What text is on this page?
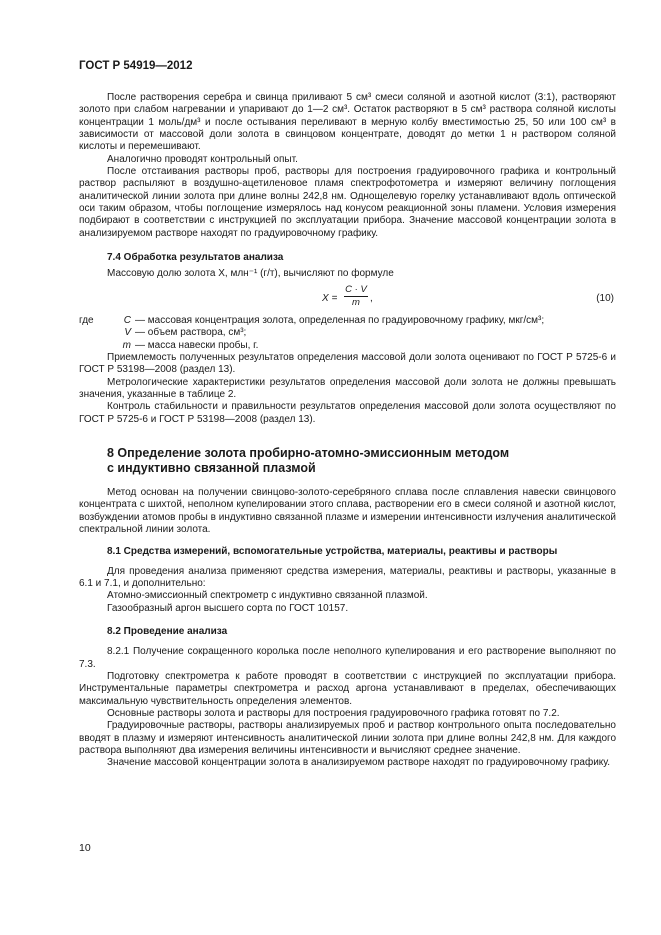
ГОСТ Р 54919—2012

После растворения серебра и свинца приливают 5 см³ смеси соляной и азотной кислот (3:1), растворяют золото при слабом нагревании и упаривают до 1—2 см³. Остаток растворяют в 5 см³ раствора соляной кислоты концентрации 1 моль/дм³ и после остывания переливают в мерную колбу вместимостью 25, 50 или 100 см³ в зависимости от массовой доли золота в свинцовом концентрате, доводят до метки 1 н раствором соляной кислоты и перемешивают.

Аналогично проводят контрольный опыт.

После отстаивания растворы проб, растворы для построения градуировочного графика и контрольный раствор распыляют в воздушно-ацетиленовое пламя спектрофотометра и измеряют величину поглощения аналитической линии золота при длине волны 242,8 нм. Однощелевую горелку устанавливают вдоль оптической оси таким образом, чтобы поглощение измерялось над конусом реакционной зоны пламени. Условия измерения подбирают в соответствии с инструкцией по эксплуатации прибора. Значение массовой концентрации золота в анализируемом растворе находят по градуировочному графику.

7.4 Обработка результатов анализа

Массовую долю золота X, млн⁻¹ (г/т), вычисляют по формуле

$X = \frac{C \cdot V}{m}$ ,	(10)
где	C — массовая концентрация золота, определенная по градуировочному графику, мкг/см³;
V — объем раствора, см³;
m — масса навески пробы, г.

Приемлемость полученных результатов определения массовой доли золота оценивают по ГОСТ Р 5725-6 и ГОСТ Р 53198—2008 (раздел 13).

Метрологические характеристики результатов определения массовой доли золота не должны превышать значения, указанные в таблице 2.

Контроль стабильности и правильности результатов определения массовой доли золота осуществляют по ГОСТ Р 5725-6 и ГОСТ Р 53198—2008 (раздел 13).

8 Определение золота пробирно-атомно-эмиссионным методом

с индуктивно связанной плазмой

Метод основан на получении свинцово-золото-серебряного сплава после сплавления навески свинцового концентрата с шихтой, неполном купелировании этого сплава, растворении его в смеси соляной и азотной кислот, возбуждении атомов пробы в индуктивно связанной плазме и измерении интенсивности излучения аналитической спектральной линии золота.

8.1 Средства измерений, вспомогательные устройства, материалы, реактивы и растворы

Для проведения анализа применяют средства измерения, материалы, реактивы и растворы, указанные в 6.1 и 7.1, и дополнительно:

Атомно-эмиссионный спектрометр с индуктивно связанной плазмой.

Газообразный аргон высшего сорта по ГОСТ 10157.

8.2 Проведение анализа

8.2.1 Получение сокращенного королька после неполного купелирования и его растворение выполняют по 7.3.

Подготовку спектрометра к работе проводят в соответствии с инструкцией по эксплуатации прибора. Инструментальные параметры спектрометра и расход аргона устанавливают в пределах, обеспечивающих максимальную чувствительность определения элементов.

Основные растворы золота и растворы для построения градуировочного графика готовят по 7.2.

Градуировочные растворы, растворы анализируемых проб и раствор контрольного опыта последовательно вводят в плазму и измеряют интенсивность аналитической линии золота при длине волны 242,8 нм. Для каждого раствора выполняют два измерения величины интенсивности и вычисляют среднее значение.

Значение массовой концентрации золота в анализируемом растворе находят по градуировочному графику.

10
